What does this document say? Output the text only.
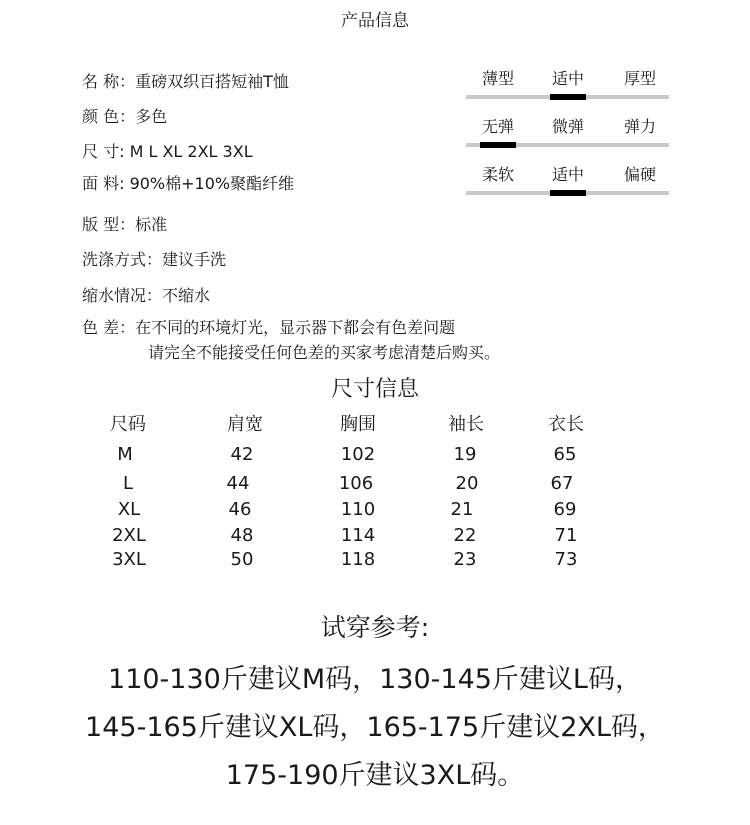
产品信息
名 称：重磅双织百搭短袖T恤
颜 色：多色
尺 寸: M L XL 2XL 3XL
面 料: 90%棉+10%聚酯纤维
版 型：标准
洗涤方式：建议手洗
缩水情况：不缩水
色 差：在不同的环境灯光，显示器下都会有色差问题
请完全不能接受任何色差的买家考虑清楚后购买。
薄型	适中	厚型
无弹	微弹	弹力
柔软	适中	偏硬
尺寸信息
尺码	肩宽	胸围	袖长	衣长
M	42	102	19	65
L	44	106	20	67
XL	46	110	21	69
2XL	48	114	22	71
3XL	50	118	23	73
试穿参考:
110-130斤建议M码，130-145斤建议L码，
145-165斤建议XL码，165-175斤建议2XL码，
175-190斤建议3XL码。
